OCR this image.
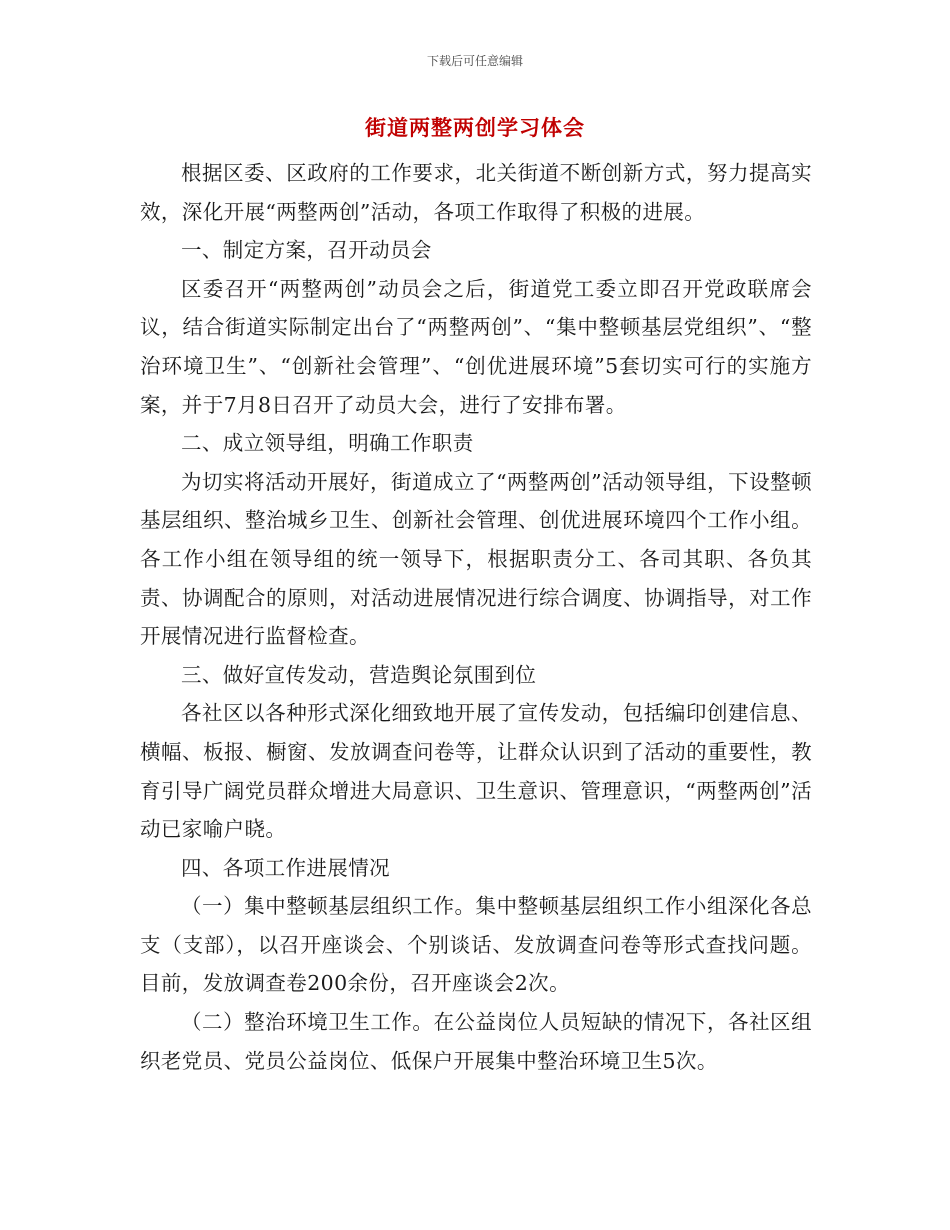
下载后可任意编辑
街道两整两创学习体会

根据区委、区政府的工作要求，北关街道不断创新方式，努力提高实效，深化开展“两整两创”活动，各项工作取得了积极的进展。

一、制定方案，召开动员会

区委召开“两整两创”动员会之后，街道党工委立即召开党政联席会议，结合街道实际制定出台了“两整两创”、“集中整顿基层党组织”、“整治环境卫生”、“创新社会管理”、“创优进展环境”5套切实可行的实施方案，并于7月8日召开了动员大会，进行了安排布署。

二、成立领导组，明确工作职责

为切实将活动开展好，街道成立了“两整两创”活动领导组，下设整顿基层组织、整治城乡卫生、创新社会管理、创优进展环境四个工作小组。各工作小组在领导组的统一领导下，根据职责分工、各司其职、各负其责、协调配合的原则，对活动进展情况进行综合调度、协调指导，对工作开展情况进行监督检查。

三、做好宣传发动，营造舆论氛围到位

各社区以各种形式深化细致地开展了宣传发动，包括编印创建信息、横幅、板报、橱窗、发放调查问卷等，让群众认识到了活动的重要性，教育引导广阔党员群众增进大局意识、卫生意识、管理意识，“两整两创”活动已家喻户晓。

四、各项工作进展情况

（一）集中整顿基层组织工作。集中整顿基层组织工作小组深化各总支（支部），以召开座谈会、个别谈话、发放调查问卷等形式查找问题。目前，发放调查卷200余份，召开座谈会2次。

（二）整治环境卫生工作。在公益岗位人员短缺的情况下，各社区组织老党员、党员公益岗位、低保户开展集中整治环境卫生5次。
